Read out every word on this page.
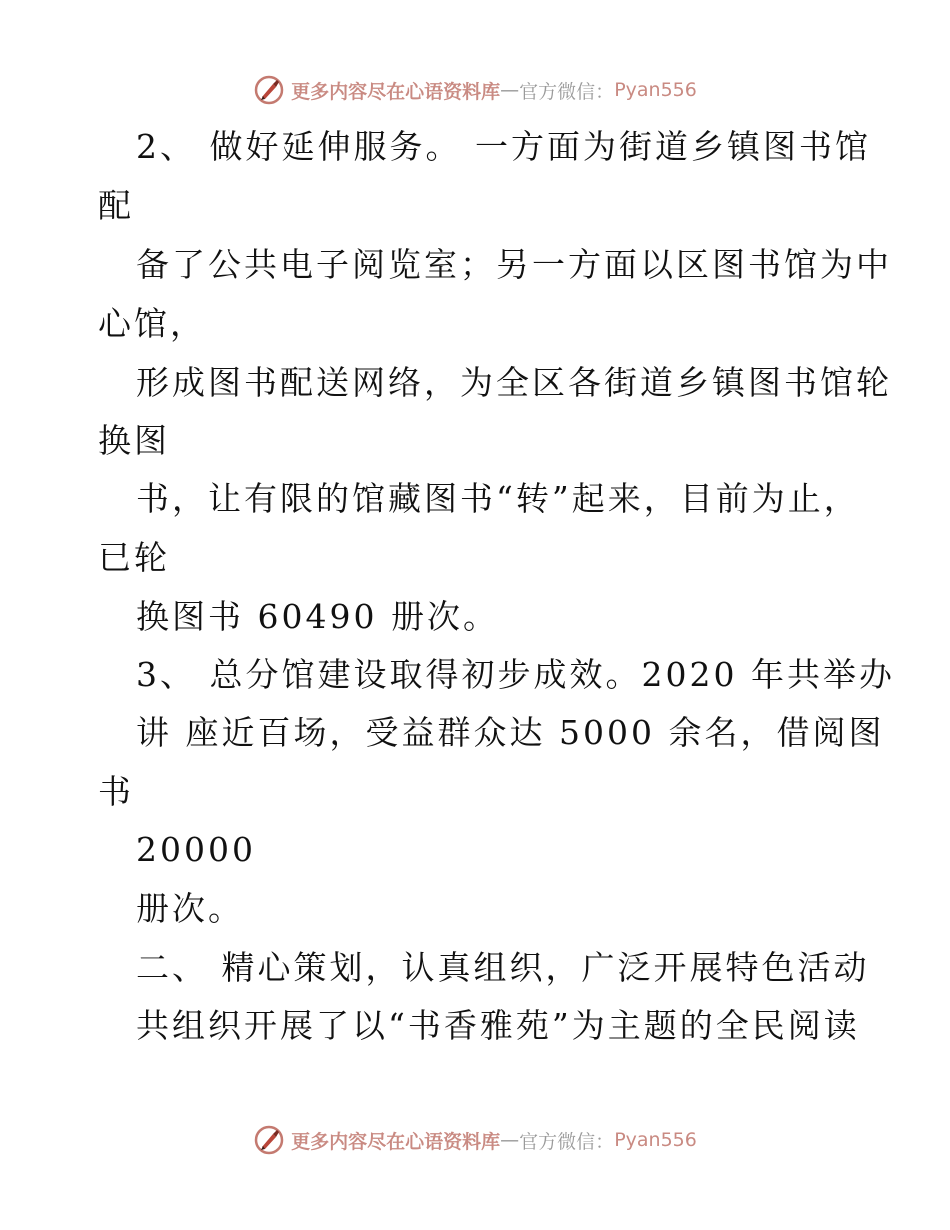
更多内容尽在心语资料库 — 官方微信： Pyan556
2、 做好延伸服务。 一方面为街道乡镇图书馆
配
备了公共电子阅览室；另一方面以区图书馆为中
心馆，
形成图书配送网络，为全区各街道乡镇图书馆轮
换图
书，让有限的馆藏图书“转”起来，目前为止，
已轮
换图书 60490 册次。
3、 总分馆建设取得初步成效。2020 年共举办
讲 座近百场，受益群众达 5000 余名，借阅图
书
20000
册次。
二、 精心策划，认真组织，广泛开展特色活动
共组织开展了以“书香雅苑”为主题的全民阅读
更多内容尽在心语资料库 — 官方微信： Pyan556
